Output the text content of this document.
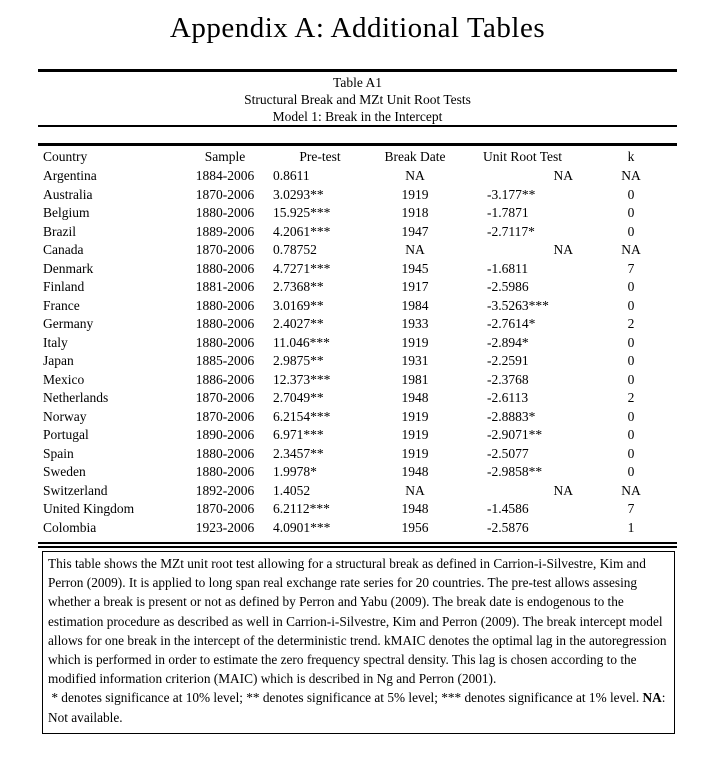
Appendix A: Additional Tables
Table A1
Structural Break and MZt Unit Root Tests
Model 1: Break in the Intercept
Country	Sample	Pre-test	Break Date	Unit Root Test	k
Argentina	1884-2006	0.8611	NA	NA	NA
Australia	1870-2006	3.0293**	1919	-3.177**	0
Belgium	1880-2006	15.925***	1918	-1.7871	0
Brazil	1889-2006	4.2061***	1947	-2.7117*	0
Canada	1870-2006	0.78752	NA	NA	NA
Denmark	1880-2006	4.7271***	1945	-1.6811	7
Finland	1881-2006	2.7368**	1917	-2.5986	0
France	1880-2006	3.0169**	1984	-3.5263***	0
Germany	1880-2006	2.4027**	1933	-2.7614*	2
Italy	1880-2006	11.046***	1919	-2.894*	0
Japan	1885-2006	2.9875**	1931	-2.2591	0
Mexico	1886-2006	12.373***	1981	-2.3768	0
Netherlands	1870-2006	2.7049**	1948	-2.6113	2
Norway	1870-2006	6.2154***	1919	-2.8883*	0
Portugal	1890-2006	6.971***	1919	-2.9071**	0
Spain	1880-2006	2.3457**	1919	-2.5077	0
Sweden	1880-2006	1.9978*	1948	-2.9858**	0
Switzerland	1892-2006	1.4052	NA	NA	NA
United Kingdom	1870-2006	6.2112***	1948	-1.4586	7
Colombia	1923-2006	4.0901***	1956	-2.5876	1

This table shows the MZt unit root test allowing for a structural break as defined in Carrion-i-Silvestre, Kim and Perron (2009). It is applied to long span real exchange rate series for 20 countries. The pre-test allows assesing whether a break is present or not as defined by Perron and Yabu (2009). The break date is endogenous to the estimation procedure as described as well in Carrion-i-Silvestre, Kim and Perron (2009). The break intercept model allows for one break in the intercept of the deterministic trend. kMAIC denotes the optimal lag in the autoregression which is performed in order to estimate the zero frequency spectral density. This lag is chosen according to the modified information criterion (MAIC) which is described in Ng and Perron (2001).

* denotes significance at 10% level; ** denotes significance at 5% level; *** denotes significance at 1% level. NA: Not available.
